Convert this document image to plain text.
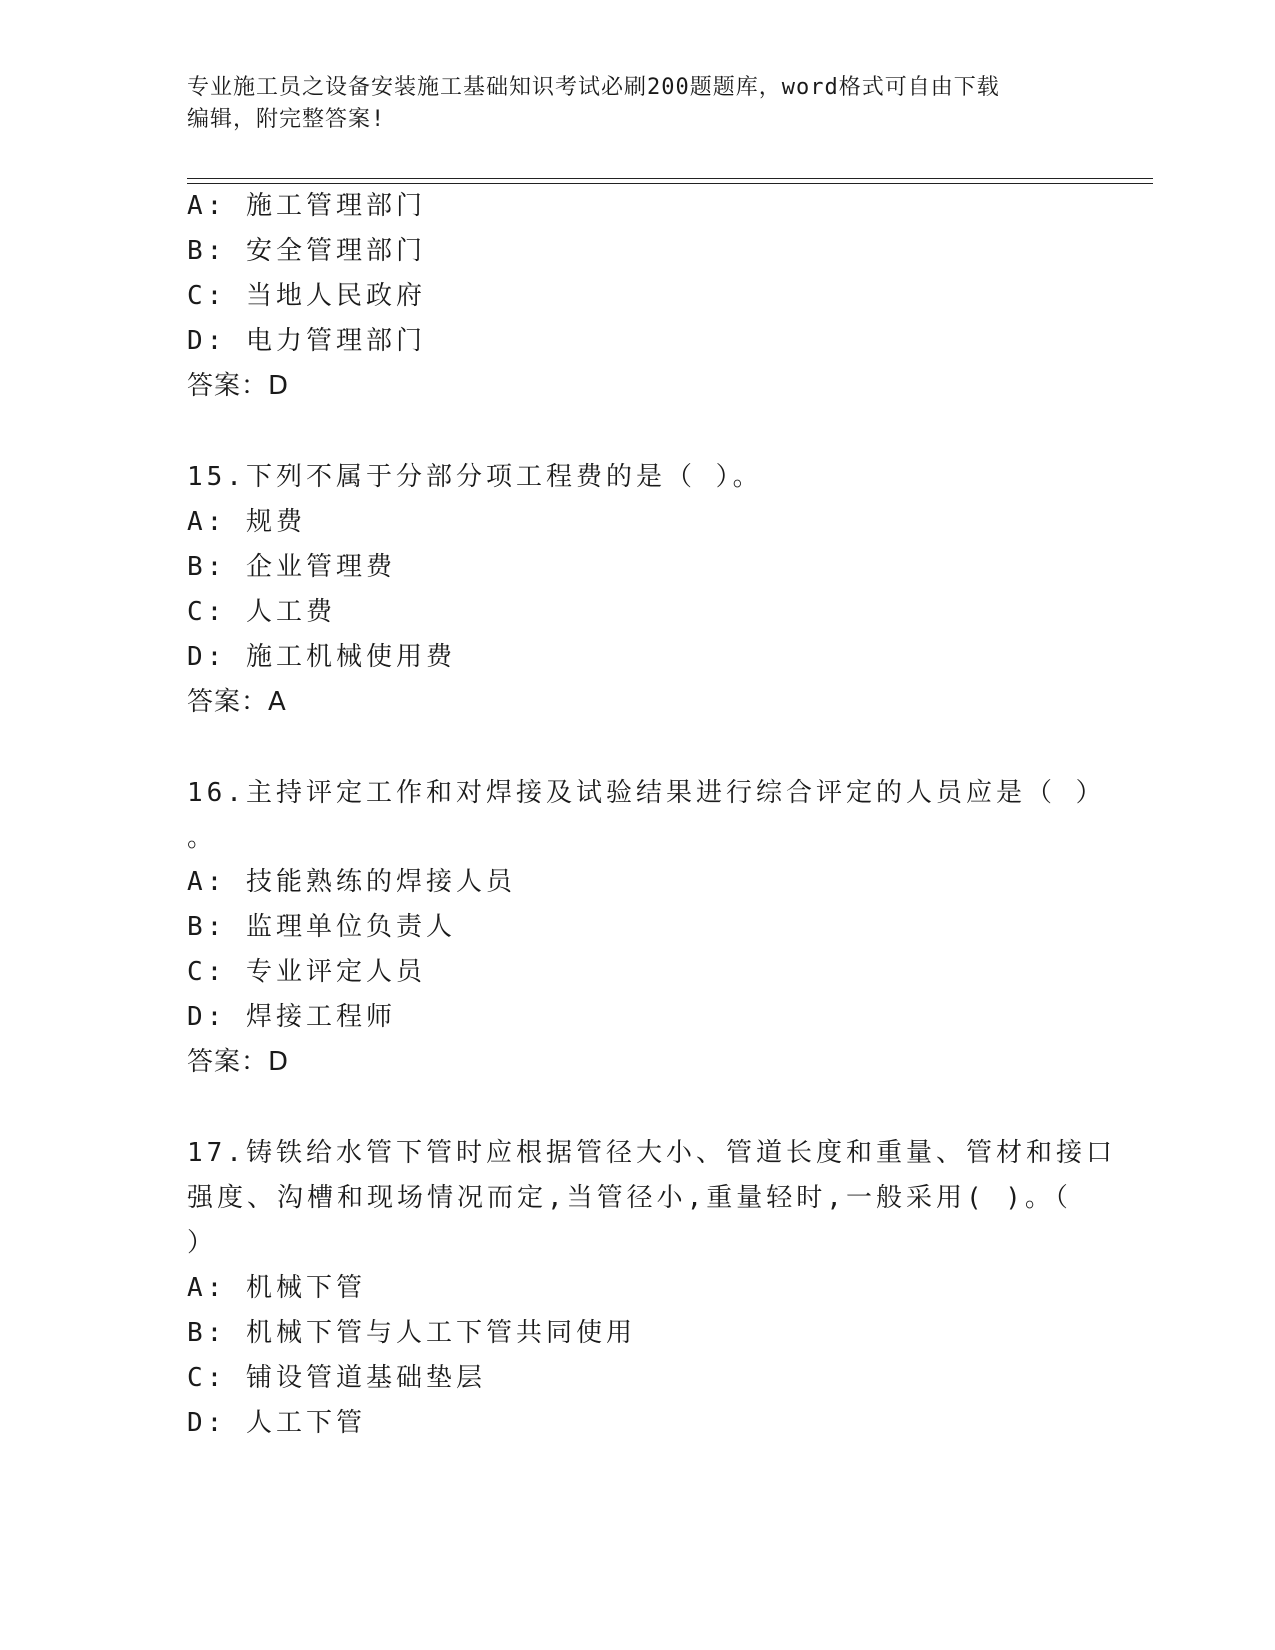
专业施工员之设备安装施工基础知识考试必刷200题题库，word格式可自由下载
编辑，附完整答案!

A: 施工管理部门

B: 安全管理部门

C: 当地人民政府

D: 电力管理部门

答案：D

15.下列不属于分部分项工程费的是（ ）。

A: 规费

B: 企业管理费

C: 人工费

D: 施工机械使用费

答案：A

16.主持评定工作和对焊接及试验结果进行综合评定的人员应是（ ）

。

A: 技能熟练的焊接人员

B: 监理单位负责人

C: 专业评定人员

D: 焊接工程师

答案：D

17.铸铁给水管下管时应根据管径大小、管道长度和重量、管材和接口

强度、沟槽和现场情况而定,当管径小,重量轻时,一般采用( )。（

）

A: 机械下管

B: 机械下管与人工下管共同使用

C: 铺设管道基础垫层

D: 人工下管
